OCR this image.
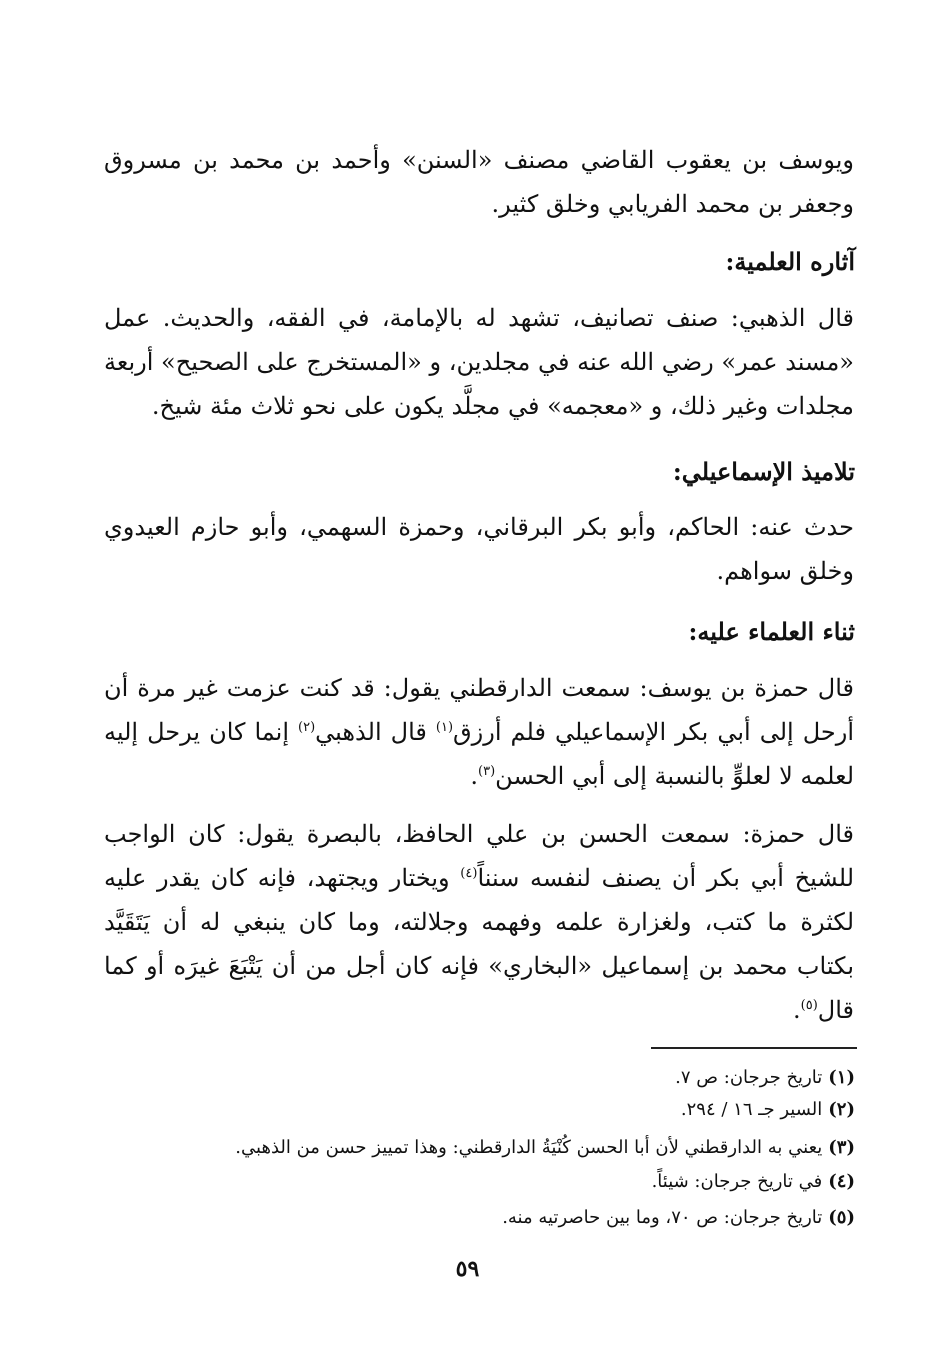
ويوسف بن يعقوب القاضي مصنف «السنن» وأحمد بن محمد بن مسروق وجعفر بن محمد الفريابي وخلق كثير.

آثاره العلمية:

قال الذهبي: صنف تصانيف، تشهد له بالإمامة، في الفقه، والحديث. عمل «مسند عمر» رضي الله عنه في مجلدين، و «المستخرج على الصحيح» أربعة مجلدات وغير ذلك، و «معجمه» في مجلَّد يكون على نحو ثلاث مئة شيخ.

تلاميذ الإسماعيلي:

حدث عنه: الحاكم، وأبو بكر البرقاني، وحمزة السهمي، وأبو حازم العيدوي وخلق سواهم.

ثناء العلماء عليه:

قال حمزة بن يوسف: سمعت الدارقطني يقول: قد كنت عزمت غير مرة أن أرحل إلى أبي بكر الإسماعيلي فلم أرزق$^{(١)}$ قال الذهبي$^{(٢)}$ إنما كان يرحل إليه لعلمه لا لعلوٍّ بالنسبة إلى أبي الحسن$^{(٣)}$.

قال حمزة: سمعت الحسن بن علي الحافظ، بالبصرة يقول: كان الواجب للشيخ أبي بكر أن يصنف لنفسه سنناً$^{(٤)}$ ويختار ويجتهد، فإنه كان يقدر عليه لكثرة ما كتب، ولغزارة علمه وفهمه وجلالته، وما كان ينبغي له أن يَتَقَيَّد بكتاب محمد بن إسماعيل «البخاري» فإنه كان أجل من أن يَتْبَعَ غيرَه أو كما قال$^{(٥)}$.

(١)تاريخ جرجان: ص ٧.

(٢)السير جـ ١٦ / ٢٩٤.

(٣)يعني به الدارقطني لأن أبا الحسن كُنْيَةُ الدارقطني: وهذا تمييز حسن من الذهبي.

(٤)في تاريخ جرجان: شيئاً.

(٥)تاريخ جرجان: ص ٧٠، وما بين حاصرتيه منه.

٥٩
